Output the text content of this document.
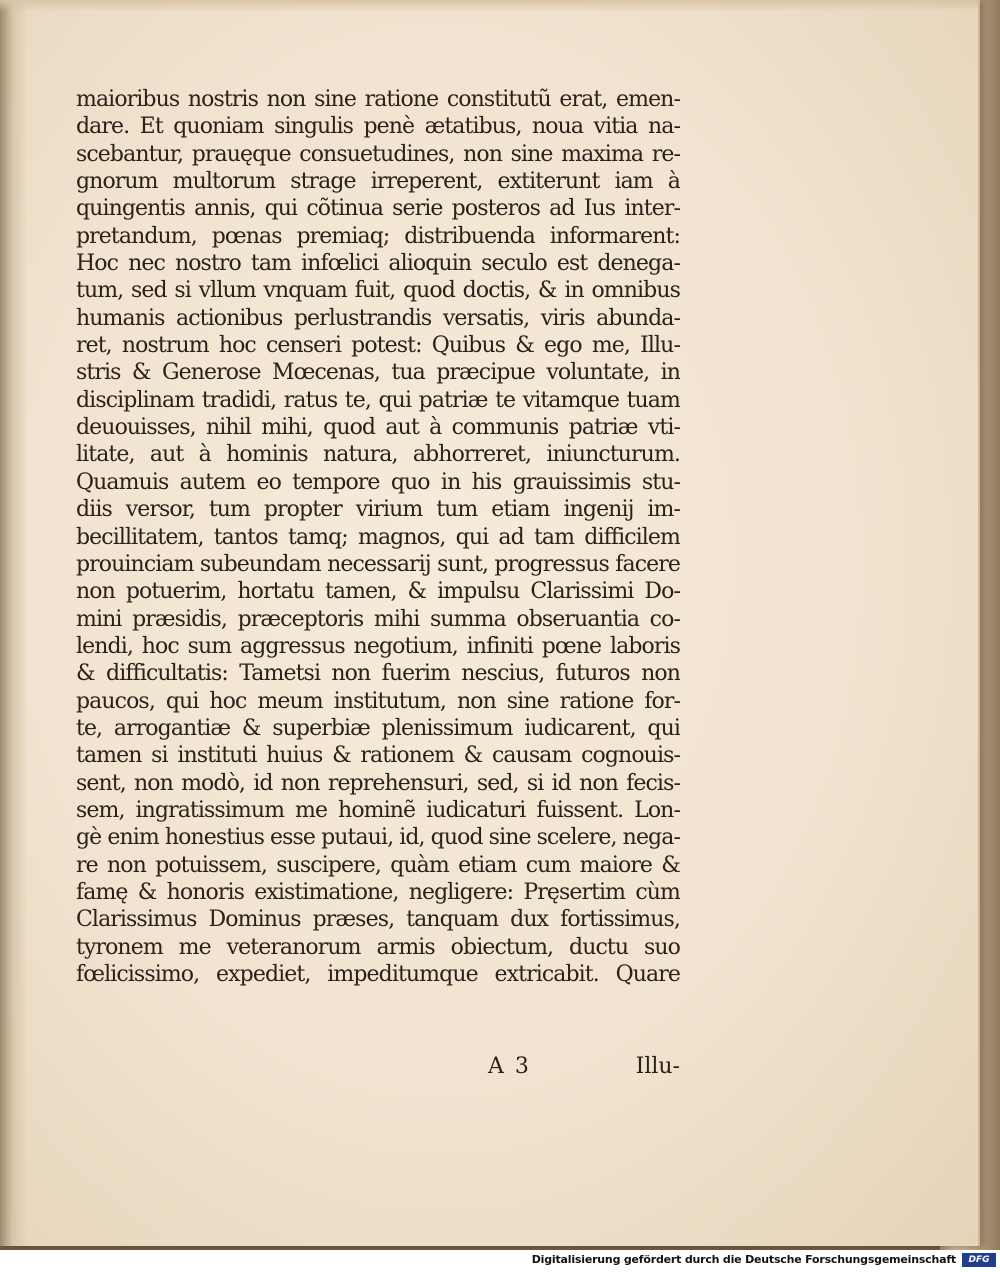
maioribus nostris non sine ratione constitutũ erat, emen-
dare. Et quoniam singulis penè ætatibus, noua vitia na-
scebantur, prauęque consuetudines, non sine maxima re-
gnorum multorum strage irreperent, extiterunt iam à
quingentis annis, qui cõtinua serie posteros ad Ius inter-
pretandum, pœnas premiaq; distribuenda informarent:
Hoc nec nostro tam infœlici alioquin seculo est denega-
tum, sed si vllum vnquam fuit, quod doctis, & in omnibus
humanis actionibus perlustrandis versatis, viris abunda-
ret, nostrum hoc censeri potest: Quibus & ego me, Illu-
stris & Generose Mœcenas, tua præcipue voluntate, in
disciplinam tradidi, ratus te, qui patriæ te vitamque tuam
deuouisses, nihil mihi, quod aut à communis patriæ vti-
litate, aut à hominis natura, abhorreret, iniuncturum.
Quamuis autem eo tempore quo in his grauissimis stu-
diis versor, tum propter virium tum etiam ingenij im-
becillitatem, tantos tamq; magnos, qui ad tam difficilem
prouinciam subeundam necessarij sunt, progressus facere
non potuerim, hortatu tamen, & impulsu Clarissimi Do-
mini præsidis, præceptoris mihi summa obseruantia co-
lendi, hoc sum aggressus negotium, infiniti pœne laboris
& difficultatis: Tametsi non fuerim nescius, futuros non
paucos, qui hoc meum institutum, non sine ratione for-
te, arrogantiæ & superbiæ plenissimum iudicarent, qui
tamen si instituti huius & rationem & causam cognouis-
sent, non modò, id non reprehensuri, sed, si id non fecis-
sem, ingratissimum me hominẽ iudicaturi fuissent. Lon-
gè enim honestius esse putaui, id, quod sine scelere, nega-
re non potuissem, suscipere, quàm etiam cum maiore &
famę & honoris existimatione, negligere: Pręsertim cùm
Clarissimus Dominus præses, tanquam dux fortissimus,
tyronem me veteranorum armis obiectum, ductu suo
fœlicissimo, expediet, impeditumque extricabit. Quare
A 3	Illu-
Digitalisierung gefördert durch die Deutsche Forschungsgemeinschaft	DFG
